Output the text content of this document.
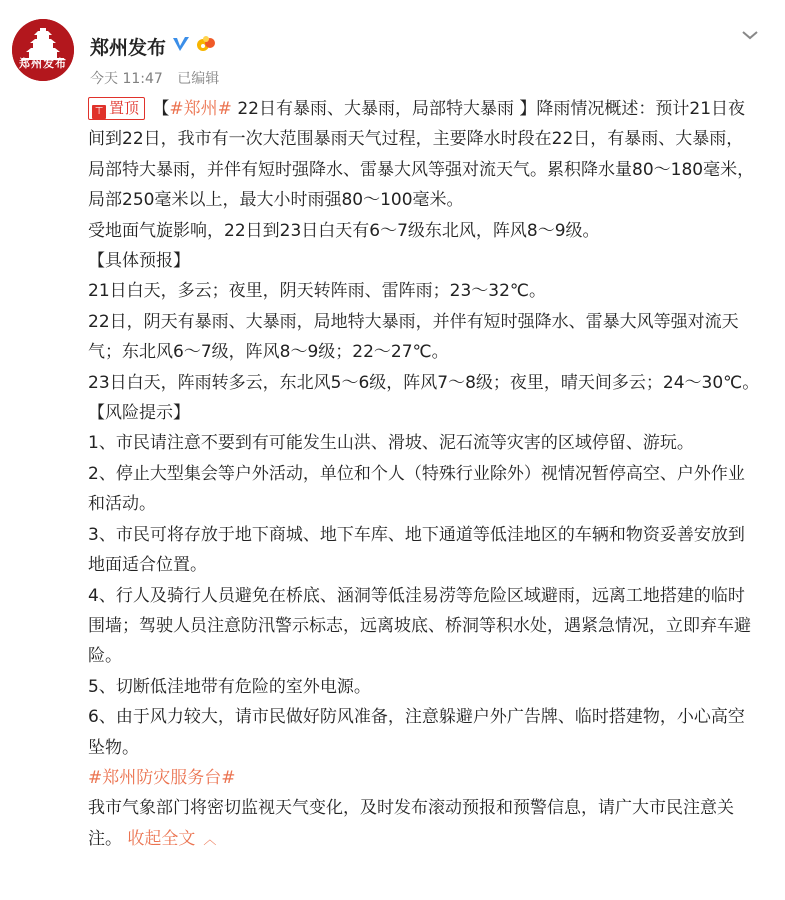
郑州发布
郑州发布
今天 11:47 已编辑

⊤ 置顶 【#郑州# 22日有暴雨、大暴雨，局部特大暴雨 】降雨情况概述：预计21日夜间到22日，我市有一次大范围暴雨天气过程，主要降水时段在22日，有暴雨、大暴雨，局部特大暴雨，并伴有短时强降水、雷暴大风等强对流天气。累积降水量80～180毫米，局部250毫米以上，最大小时雨强80～100毫米。

受地面气旋影响，22日到23日白天有6～7级东北风，阵风8～9级。

【具体预报】

21日白天，多云；夜里，阴天转阵雨、雷阵雨；23～32℃。

22日，阴天有暴雨、大暴雨，局地特大暴雨，并伴有短时强降水、雷暴大风等强对流天气；东北风6～7级，阵风8～9级；22～27℃。

23日白天，阵雨转多云，东北风5～6级，阵风7～8级；夜里，晴天间多云；24～30℃。

【风险提示】

1、市民请注意不要到有可能发生山洪、滑坡、泥石流等灾害的区域停留、游玩。

2、停止大型集会等户外活动，单位和个人（特殊行业除外）视情况暂停高空、户外作业和活动。

3、市民可将存放于地下商城、地下车库、地下通道等低洼地区的车辆和物资妥善安放到地面适合位置。

4、行人及骑行人员避免在桥底、涵洞等低洼易涝等危险区域避雨，远离工地搭建的临时围墙；驾驶人员注意防汛警示标志，远离坡底、桥洞等积水处，遇紧急情况，立即弃车避险。

5、切断低洼地带有危险的室外电源。

6、由于风力较大，请市民做好防风准备，注意躲避户外广告牌、临时搭建物，小心高空坠物。

#郑州防灾服务台#

我市气象部门将密切监视天气变化，及时发布滚动预报和预警信息，请广大市民注意关注。 收起全文 ︿
